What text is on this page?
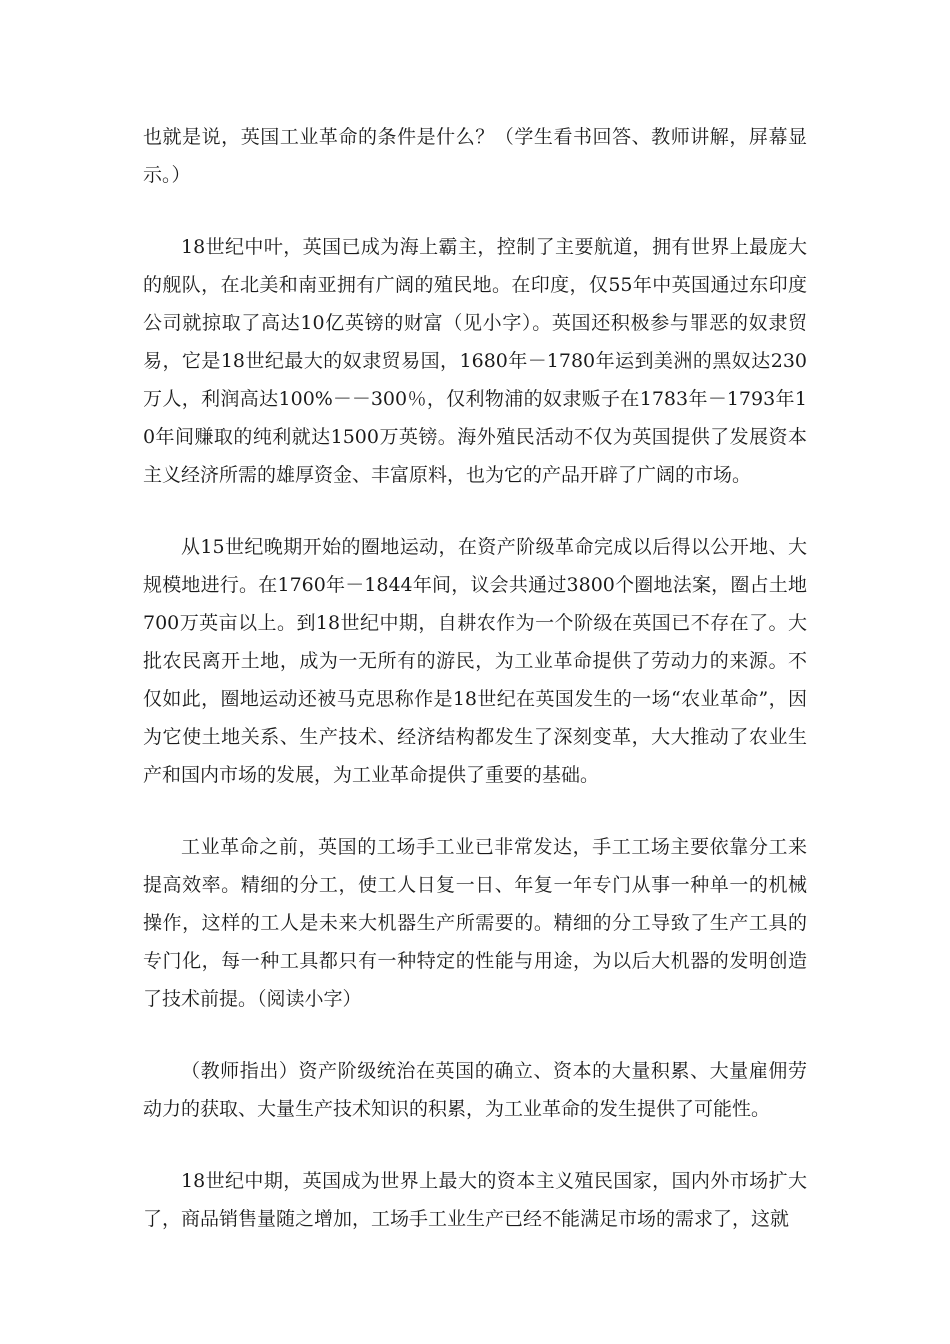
也就是说，英国工业革命的条件是什么？（学生看书回答、教师讲解，屏幕显示。）

18世纪中叶，英国已成为海上霸主，控制了主要航道，拥有世界上最庞大的舰队，在北美和南亚拥有广阔的殖民地。在印度，仅55年中英国通过东印度公司就掠取了高达10亿英镑的财富（见小字）。英国还积极参与罪恶的奴隶贸易，它是18世纪最大的奴隶贸易国，1680年－1780年运到美洲的黑奴达230万人，利润高达100%－－300％，仅利物浦的奴隶贩子在1783年－1793年10年间赚取的纯利就达1500万英镑。海外殖民活动不仅为英国提供了发展资本主义经济所需的雄厚资金、丰富原料，也为它的产品开辟了广阔的市场。

从15世纪晚期开始的圈地运动，在资产阶级革命完成以后得以公开地、大规模地进行。在1760年－1844年间，议会共通过3800个圈地法案，圈占土地700万英亩以上。到18世纪中期，自耕农作为一个阶级在英国已不存在了。大批农民离开土地，成为一无所有的游民，为工业革命提供了劳动力的来源。不仅如此，圈地运动还被马克思称作是18世纪在英国发生的一场“农业革命”，因为它使土地关系、生产技术、经济结构都发生了深刻变革，大大推动了农业生产和国内市场的发展，为工业革命提供了重要的基础。

工业革命之前，英国的工场手工业已非常发达，手工工场主要依靠分工来提高效率。精细的分工，使工人日复一日、年复一年专门从事一种单一的机械操作，这样的工人是未来大机器生产所需要的。精细的分工导致了生产工具的专门化，每一种工具都只有一种特定的性能与用途，为以后大机器的发明创造了技术前提。（阅读小字）

（教师指出）资产阶级统治在英国的确立、资本的大量积累、大量雇佣劳动力的获取、大量生产技术知识的积累，为工业革命的发生提供了可能性。

18世纪中期，英国成为世界上最大的资本主义殖民国家，国内外市场扩大了，商品销售量随之增加，工场手工业生产已经不能满足市场的需求了，这就
